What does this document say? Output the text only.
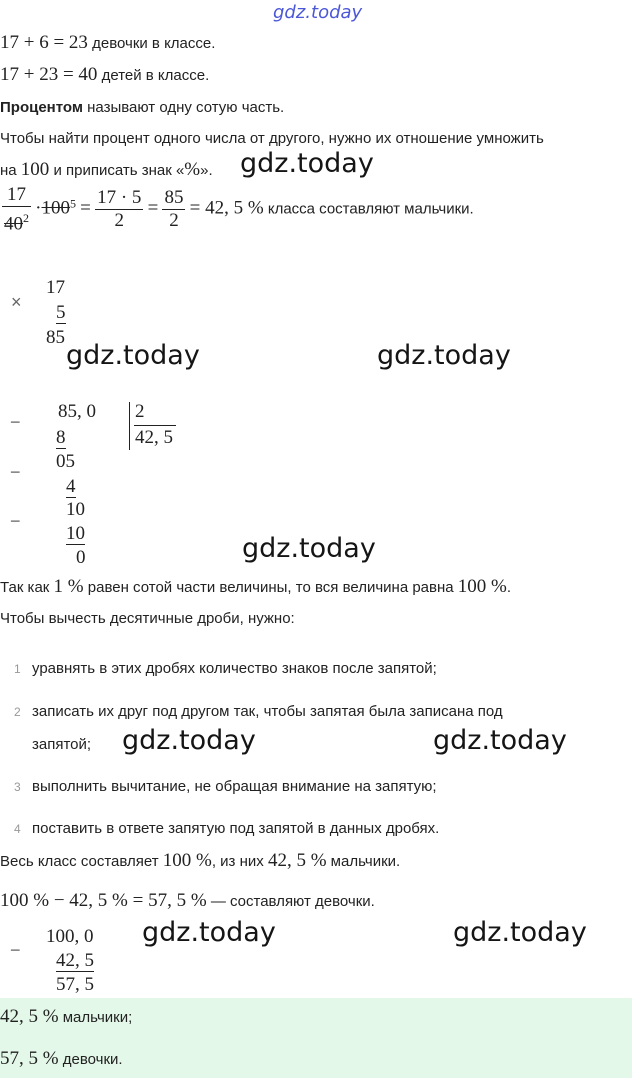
gdz.today
17 + 6 = 23 девочки в классе.
17 + 23 = 40 детей в классе.
Процентом называют одну сотую часть.
Чтобы найти процент одного числа от другого, нужно их отношение умножить
на 100 и приписать знак «%». gdz.today
$\frac{17}{40^2} \cdot 100^5 = \frac{17 \cdot 5}{2} = \frac{85}{2} = 42$, 5 % класса составляют мальчики.
×
17
5
85
gdz.today	gdz.today
−
−
−
85, 0 2
42, 5
8
05
4
10
10
0	gdz.today
Так как 1 % равен сотой части величины, то вся величина равна 100 %.
Чтобы вычесть десятичные дроби, нужно:
1 уравнять в этих дробях количество знаков после запятой;
2 записать их друг под другом так, чтобы запятая была записана под
запятой;
3 выполнить вычитание, не обращая внимание на запятую;
4 поставить в ответе запятую под запятой в данных дробях.
gdz.today	gdz.today
Весь класс составляет 100 %, из них 42, 5 % мальчики.
100 % − 42, 5 % = 57, 5 % — составляют девочки.
−
100, 0
42, 5
57, 5
gdz.today	gdz.today
42, 5 % мальчики;
57, 5 % девочки.
